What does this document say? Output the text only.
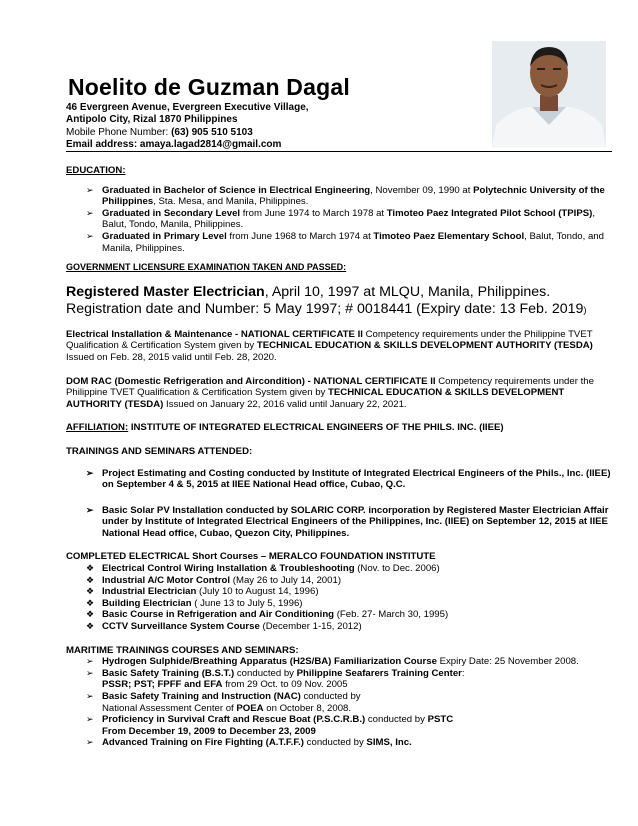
Noelito de Guzman Dagal
46 Evergreen Avenue, Evergreen Executive Village,
Antipolo City, Rizal 1870 Philippines
Mobile Phone Number: (63) 905 510 5103
Email address: amaya.lagad2814@gmail.com
EDUCATION:
➢ Graduated in Bachelor of Science in Electrical Engineering, November 09, 1990 at Polytechnic University of the Philippines, Sta. Mesa, and Manila, Philippines.
➢ Graduated in Secondary Level from June 1974 to March 1978 at Timoteo Paez Integrated Pilot School (TPIPS), Balut, Tondo, Manila, Philippines.
➢ Graduated in Primary Level from June 1968 to March 1974 at Timoteo Paez Elementary School, Balut, Tondo, and Manila, Philippines.
GOVERNMENT LICENSURE EXAMINATION TAKEN AND PASSED:
Registered Master Electrician, April 10, 1997 at MLQU, Manila, Philippines.
Registration date and Number: 5 May 1997; # 0018441 (Expiry date: 13 Feb. 2019)
Electrical Installation & Maintenance - NATIONAL CERTIFICATE II Competency requirements under the Philippine TVET Qualification & Certification System given by TECHNICAL EDUCATION & SKILLS DEVELOPMENT AUTHORITY (TESDA) Issued on Feb. 28, 2015 valid until Feb. 28, 2020.
DOM RAC (Domestic Refrigeration and Aircondition) - NATIONAL CERTIFICATE II Competency requirements under the Philippine TVET Qualification & Certification System given by TECHNICAL EDUCATION & SKILLS DEVELOPMENT AUTHORITY (TESDA) Issued on January 22, 2016 valid until January 22, 2021.
AFFILIATION: INSTITUTE OF INTEGRATED ELECTRICAL ENGINEERS OF THE PHILS. INC. (IIEE)
TRAININGS AND SEMINARS ATTENDED:
➢ Project Estimating and Costing conducted by Institute of Integrated Electrical Engineers of the Phils., Inc. (IIEE) on September 4 & 5, 2015 at IIEE National Head office, Cubao, Q.C.
➢ Basic Solar PV Installation conducted by SOLARIC CORP. incorporation by Registered Master Electrician Affair under by Institute of Integrated Electrical Engineers of the Philippines, Inc. (IIEE) on September 12, 2015 at IIEE National Head office, Cubao, Quezon City, Philippines.
COMPLETED ELECTRICAL Short Courses – MERALCO FOUNDATION INSTITUTE
❖ Electrical Control Wiring Installation & Troubleshooting (Nov. to Dec. 2006)
❖ Industrial A/C Motor Control (May 26 to July 14, 2001)
❖ Industrial Electrician (July 10 to August 14, 1996)
❖ Building Electrician ( June 13 to July 5, 1996)
❖ Basic Course in Refrigeration and Air Conditioning (Feb. 27- March 30, 1995)
❖ CCTV Surveillance System Course (December 1-15, 2012)
MARITIME TRAININGS COURSES AND SEMINARS:
➢ Hydrogen Sulphide/Breathing Apparatus (H2S/BA) Familiarization Course Expiry Date: 25 November 2008.
➢ Basic Safety Training (B.S.T.) conducted by Philippine Seafarers Training Center:
PSSR; PST; FPFF and EFA from 29 Oct. to 09 Nov. 2005
➢ Basic Safety Training and Instruction (NAC) conducted by
National Assessment Center of POEA on October 8, 2008.
➢ Proficiency in Survival Craft and Rescue Boat (P.S.C.R.B.) conducted by PSTC
From December 19, 2009 to December 23, 2009
➢ Advanced Training on Fire Fighting (A.T.F.F.) conducted by SIMS, Inc.
